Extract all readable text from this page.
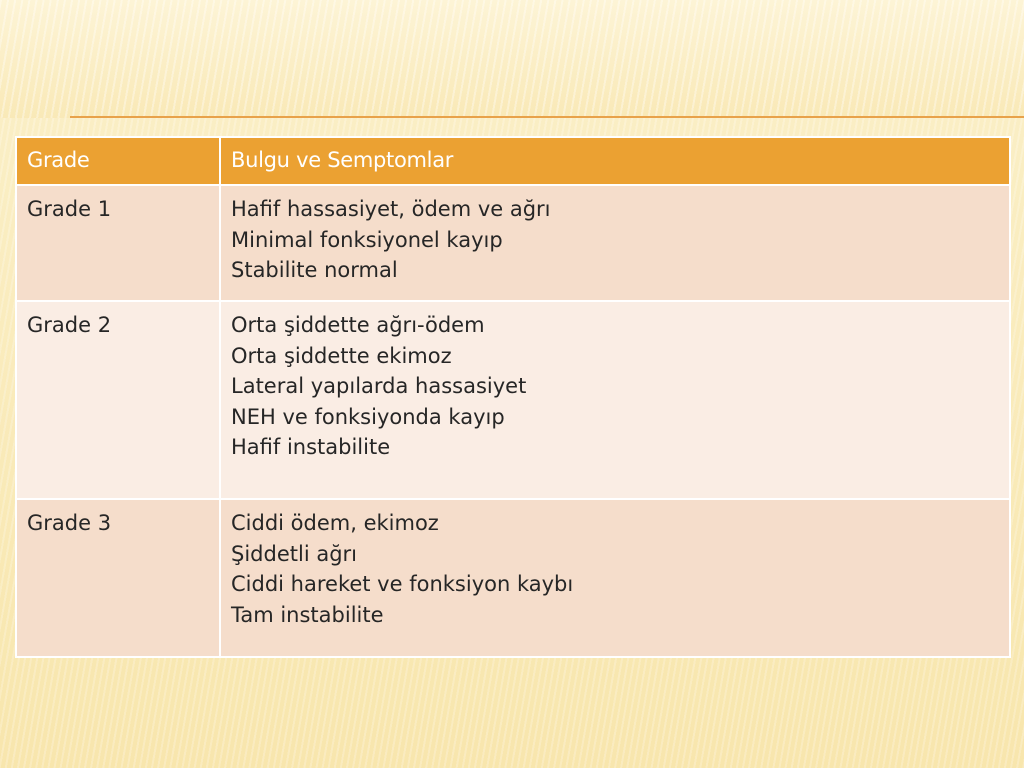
Grade	Bulgu ve Semptomlar
Grade 1	Hafif hassasiyet, ödem ve ağrı
Minimal fonksiyonel kayıp
Stabilite normal

Grade 2	Orta şiddette ağrı-ödem
Orta şiddette ekimoz
Lateral yapılarda hassasiyet
NEH ve fonksiyonda kayıp
Hafif instabilite

Grade 3	Ciddi ödem, ekimoz
Şiddetli ağrı
Ciddi hareket ve fonksiyon kaybı
Tam instabilite
